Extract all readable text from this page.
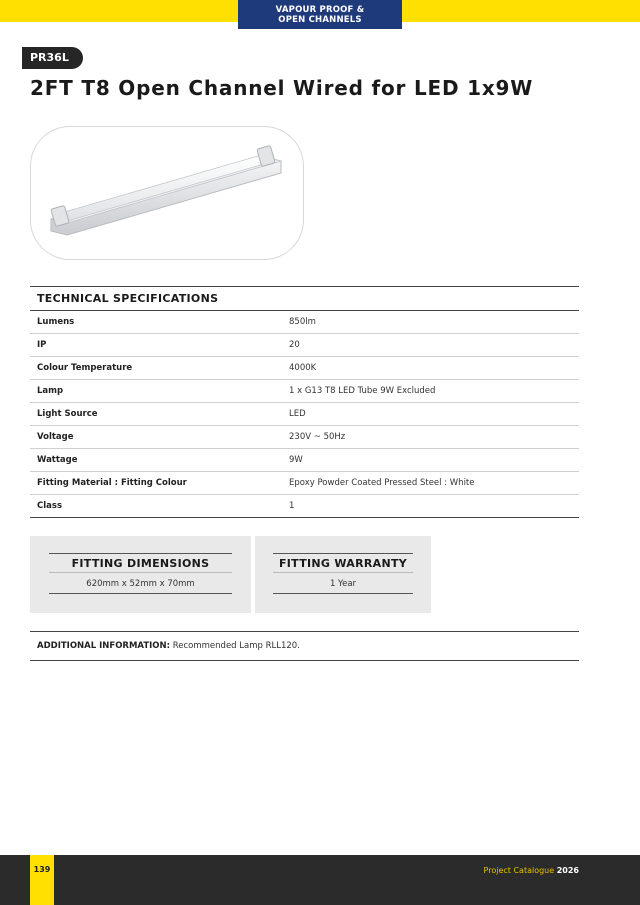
VAPOUR PROOF &
OPEN CHANNELS
PR36L
2FT T8 Open Channel Wired for LED 1x9W
TECHNICAL SPECIFICATIONS
Lumens	850lm
IP	20
Colour Temperature	4000K
Lamp	1 x G13 T8 LED Tube 9W Excluded
Light Source	LED
Voltage	230V ~ 50Hz
Wattage	9W
Fitting Material : Fitting Colour	Epoxy Powder Coated Pressed Steel : White
Class	1
FITTING DIMENSIONS
620mm x 52mm x 70mm
FITTING WARRANTY
1 Year
ADDITIONAL INFORMATION: Recommended Lamp RLL120.
139	Project Catalogue 2026
